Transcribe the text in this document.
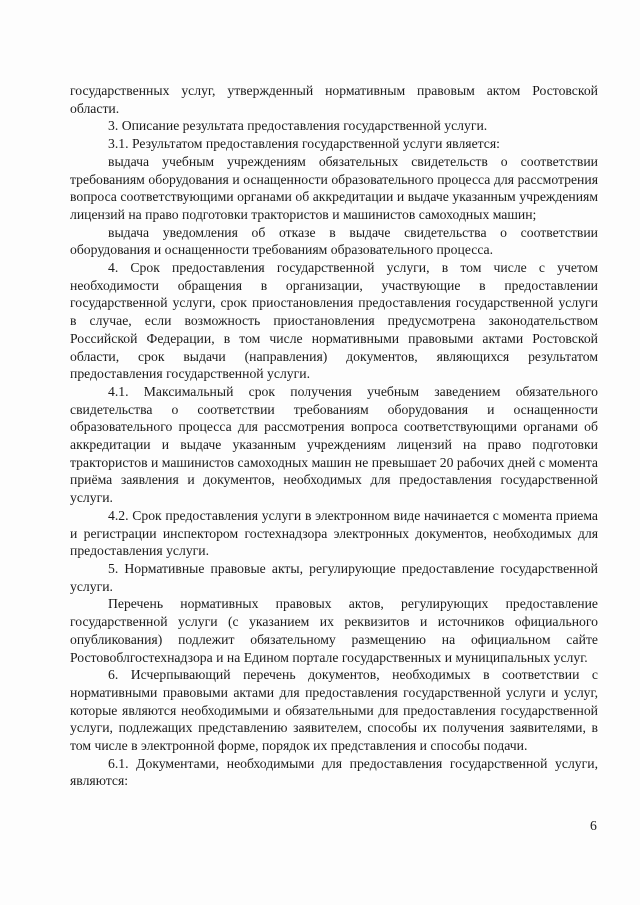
государственных услуг, утвержденный нормативным правовым актом Ростовской области.

3. Описание результата предоставления государственной услуги.

3.1. Результатом предоставления государственной услуги является:

выдача учебным учреждениям обязательных свидетельств о соответствии требованиям оборудования и оснащенности образовательного процесса для рассмотрения вопроса соответствующими органами об аккредитации и выдаче указанным учреждениям лицензий на право подготовки трактористов и машинистов самоходных машин;

выдача уведомления об отказе в выдаче свидетельства о соответствии оборудования и оснащенности требованиям образовательного процесса.

4. Срок предоставления государственной услуги, в том числе с учетом необходимости обращения в организации, участвующие в предоставлении государственной услуги, срок приостановления предоставления государственной услуги в случае, если возможность приостановления предусмотрена законодательством Российской Федерации, в том числе нормативными правовыми актами Ростовской области, срок выдачи (направления) документов, являющихся результатом предоставления государственной услуги.

4.1. Максимальный срок получения учебным заведением обязательного свидетельства о соответствии требованиям оборудования и оснащенности образовательного процесса для рассмотрения вопроса соответствующими органами об аккредитации и выдаче указанным учреждениям лицензий на право подготовки трактористов и машинистов самоходных машин не превышает 20 рабочих дней с момента приёма заявления и документов, необходимых для предоставления государственной услуги.

4.2. Срок предоставления услуги в электронном виде начинается с момента приема и регистрации инспектором гостехнадзора электронных документов, необходимых для предоставления услуги.

5. Нормативные правовые акты, регулирующие предоставление государственной услуги.

Перечень нормативных правовых актов, регулирующих предоставление государственной услуги (с указанием их реквизитов и источников официального опубликования) подлежит обязательному размещению на официальном сайте Ростовоблгостехнадзора и на Едином портале государственных и муниципальных услуг.

6. Исчерпывающий перечень документов, необходимых в соответствии с нормативными правовыми актами для предоставления государственной услуги и услуг, которые являются необходимыми и обязательными для предоставления государственной услуги, подлежащих представлению заявителем, способы их получения заявителями, в том числе в электронной форме, порядок их представления и способы подачи.

6.1. Документами, необходимыми для предоставления государственной услуги, являются:

6
